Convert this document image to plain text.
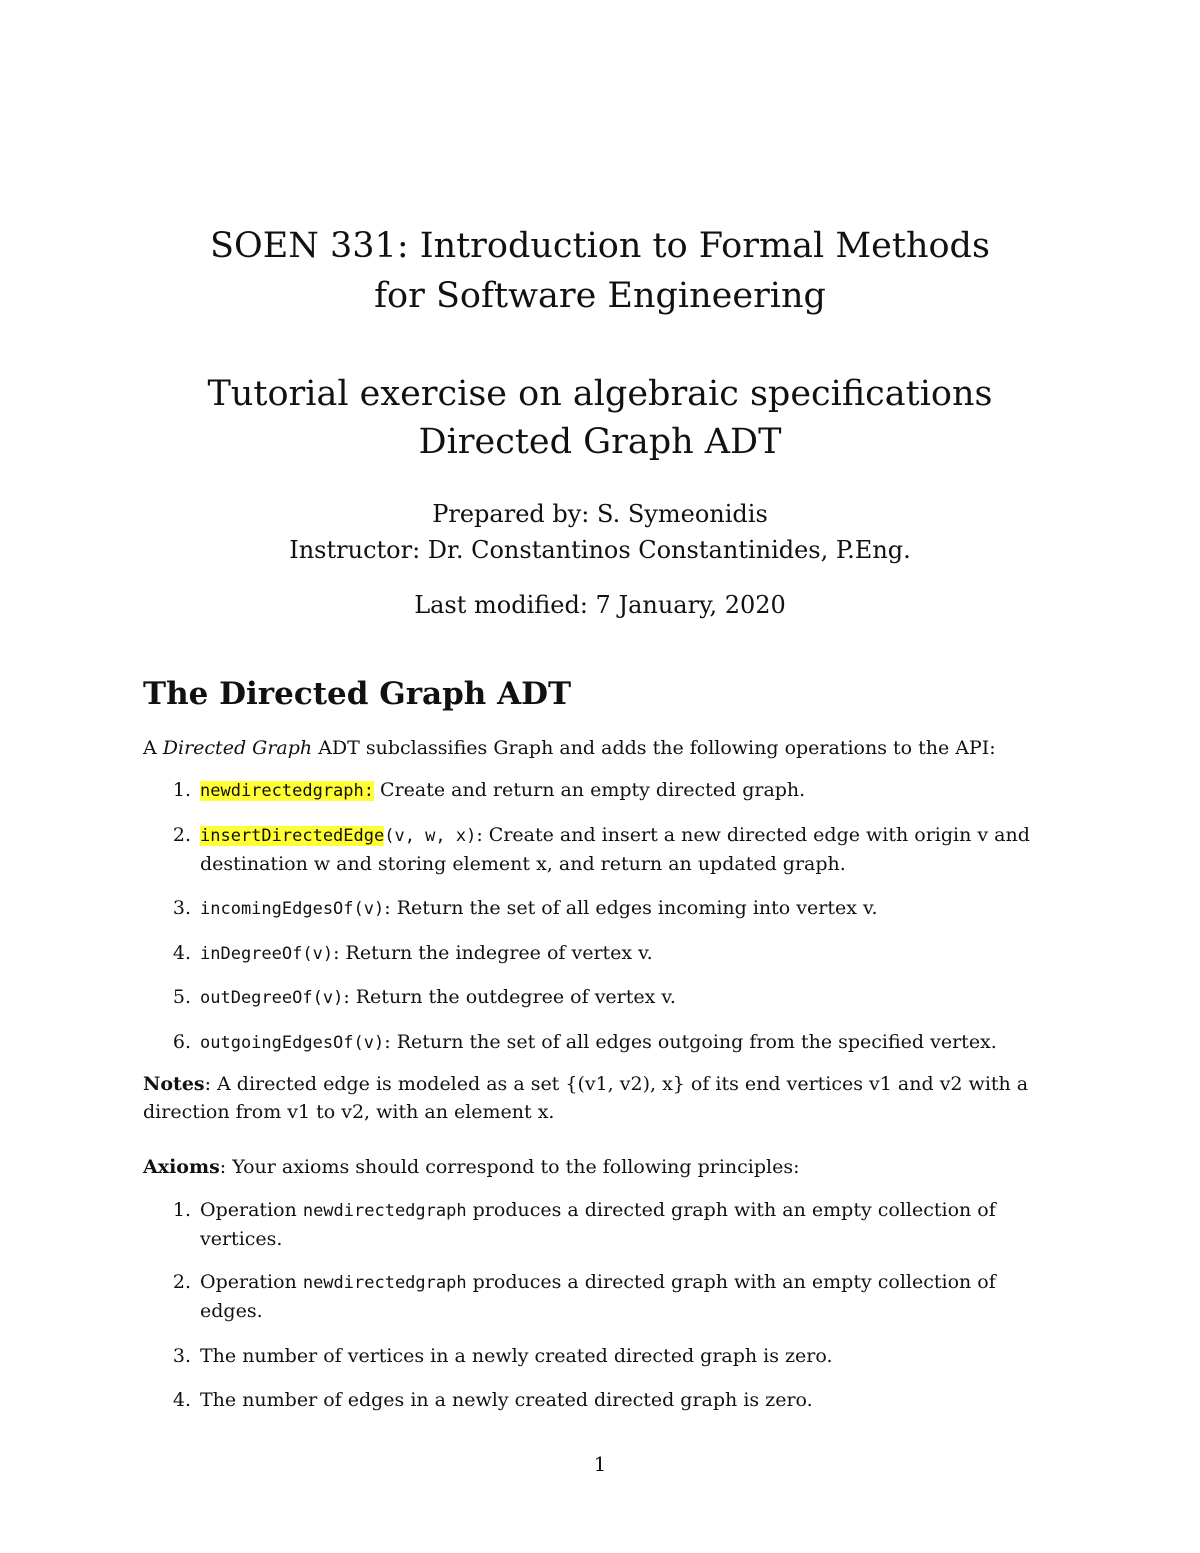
SOEN 331: Introduction to Formal Methods
for Software Engineering
Tutorial exercise on algebraic specifications
Directed Graph ADT
Prepared by: S. Symeonidis
Instructor: Dr. Constantinos Constantinides, P.Eng.
Last modified: 7 January, 2020
The Directed Graph ADT
A Directed Graph ADT subclassifies Graph and adds the following operations to the API:
1. newdirectedgraph: Create and return an empty directed graph.
2. insertDirectedEdge(v, w, x): Create and insert a new directed edge with origin v and destination w and storing element x, and return an updated graph.
3. incomingEdgesOf(v): Return the set of all edges incoming into vertex v.
4. inDegreeOf(v): Return the indegree of vertex v.
5. outDegreeOf(v): Return the outdegree of vertex v.
6. outgoingEdgesOf(v): Return the set of all edges outgoing from the specified vertex.
Notes: A directed edge is modeled as a set {(v1, v2), x} of its end vertices v1 and v2 with a
direction from v1 to v2, with an element x.
Axioms: Your axioms should correspond to the following principles:
1. Operation newdirectedgraph produces a directed graph with an empty collection of vertices.
2. Operation newdirectedgraph produces a directed graph with an empty collection of edges.
3. The number of vertices in a newly created directed graph is zero.
4. The number of edges in a newly created directed graph is zero.
1
